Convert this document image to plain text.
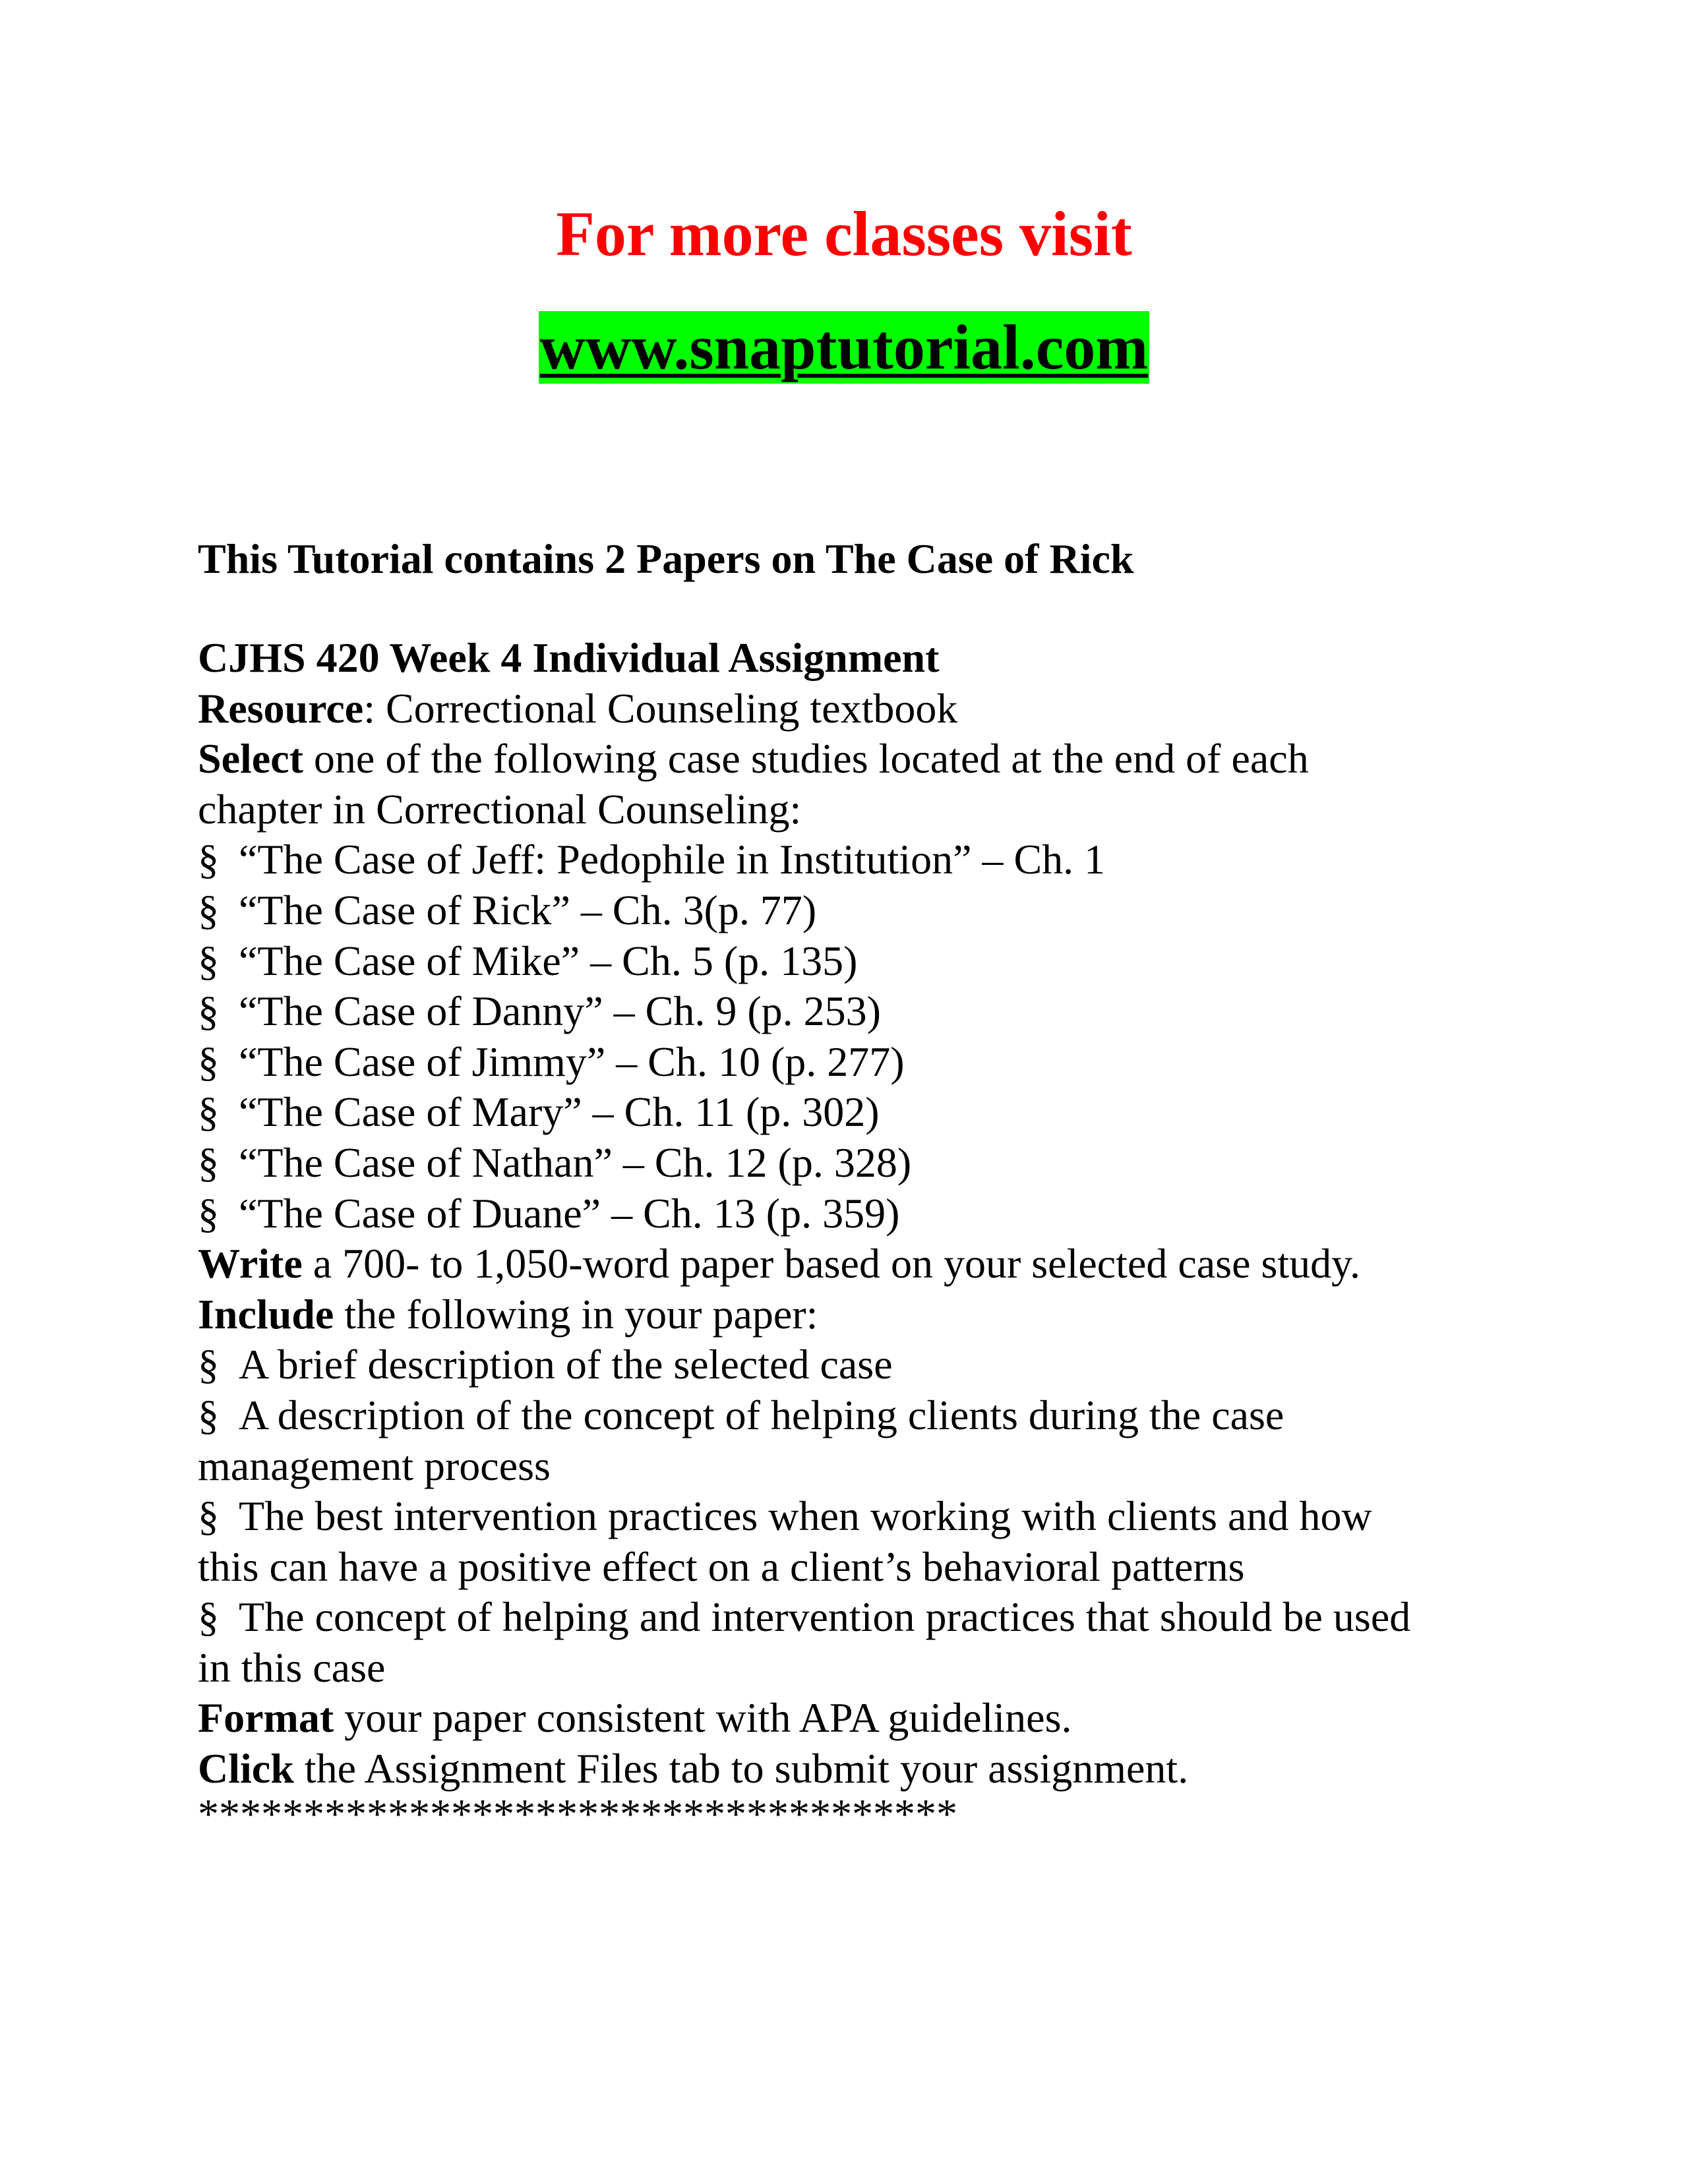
For more classes visit
www.snaptutorial.com
This Tutorial contains 2 Papers on The Case of Rick
CJHS 420 Week 4 Individual Assignment
Resource: Correctional Counseling textbook
Select one of the following case studies located at the end of each
chapter in Correctional Counseling:
§ “The Case of Jeff: Pedophile in Institution” – Ch. 1
§ “The Case of Rick” – Ch. 3(p. 77)
§ “The Case of Mike” – Ch. 5 (p. 135)
§ “The Case of Danny” – Ch. 9 (p. 253)
§ “The Case of Jimmy” – Ch. 10 (p. 277)
§ “The Case of Mary” – Ch. 11 (p. 302)
§ “The Case of Nathan” – Ch. 12 (p. 328)
§ “The Case of Duane” – Ch. 13 (p. 359)
Write a 700- to 1,050-word paper based on your selected case study.
Include the following in your paper:
§ A brief description of the selected case
§ A description of the concept of helping clients during the case
management process
§ The best intervention practices when working with clients and how
this can have a positive effect on a client’s behavioral patterns
§ The concept of helping and intervention practices that should be used
in this case
Format your paper consistent with APA guidelines.
Click the Assignment Files tab to submit your assignment.
************************************
